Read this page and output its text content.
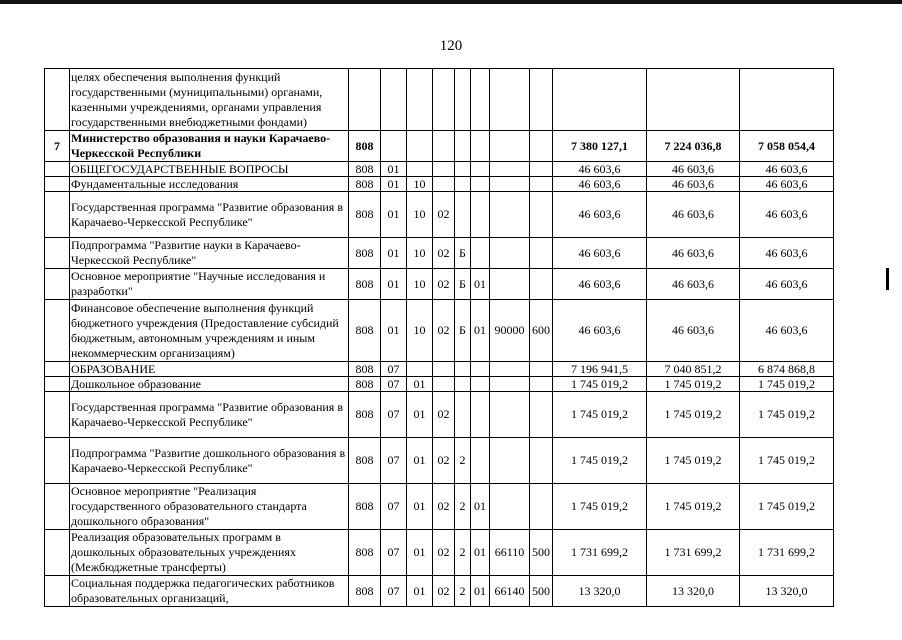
120
	целях обеспечения выполнения функций государственными (муниципальными) органами, казенными учреждениями, органами управления государственными внебюджетными фондами)											
7	Министерство образования и науки Карачаево-Черкесской Республики	808								7 380 127,1	7 224 036,8	7 058 054,4
	ОБЩЕГОСУДАРСТВЕННЫЕ ВОПРОСЫ	808	01							46 603,6	46 603,6	46 603,6
	Фундаментальные исследования	808	01	10						46 603,6	46 603,6	46 603,6
	Государственная программа "Развитие образования в Карачаево-Черкесской Республике"	808	01	10	02					46 603,6	46 603,6	46 603,6
	Подпрограмма "Развитие науки в Карачаево-Черкесской Республике"	808	01	10	02	Б				46 603,6	46 603,6	46 603,6
	Основное мероприятие "Научные исследования и разработки"	808	01	10	02	Б	01			46 603,6	46 603,6	46 603,6
	Финансовое обеспечение выполнения функций бюджетного учреждения (Предоставление субсидий бюджетным, автономным учреждениям и иным некоммерческим организациям)	808	01	10	02	Б	01	90000	600	46 603,6	46 603,6	46 603,6
	ОБРАЗОВАНИЕ	808	07							7 196 941,5	7 040 851,2	6 874 868,8
	Дошкольное образование	808	07	01						1 745 019,2	1 745 019,2	1 745 019,2
	Государственная программа "Развитие образования в Карачаево-Черкесской Республике"	808	07	01	02					1 745 019,2	1 745 019,2	1 745 019,2
	Подпрограмма "Развитие дошкольного образования в Карачаево-Черкесской Республике"	808	07	01	02	2				1 745 019,2	1 745 019,2	1 745 019,2
	Основное мероприятие "Реализация государственного образовательного стандарта дошкольного образования"	808	07	01	02	2	01			1 745 019,2	1 745 019,2	1 745 019,2
	Реализация образовательных программ в дошкольных образовательных учреждениях (Межбюджетные трансферты)	808	07	01	02	2	01	66110	500	1 731 699,2	1 731 699,2	1 731 699,2
	Социальная поддержка педагогических работников образовательных организаций,	808	07	01	02	2	01	66140	500	13 320,0	13 320,0	13 320,0
